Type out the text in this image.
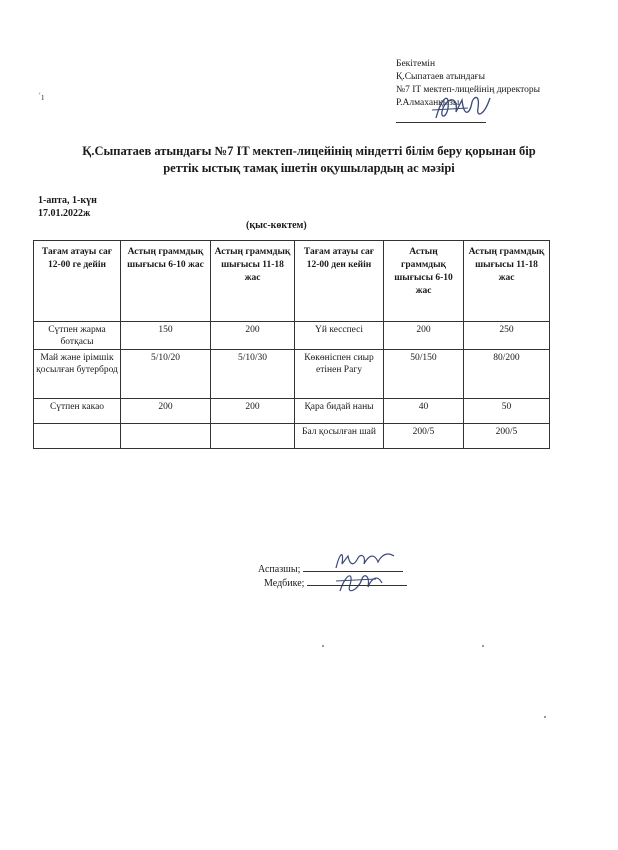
Бекітемін
Қ.Сыпатаев атындағы
№7 IT мектеп-лицейінің директоры
Р.Алмаханқызы
ʿı
Қ.Сыпатаев атындағы №7 IT мектеп-лицейінің міндетті білім беру қорынан бір
реттік ыстық тамақ ішетін оқушылардың ас мәзірі
1-апта, 1-күн
17.01.2022ж
(қыс-көктем)
Тағам атауы сағ 12-00 ге дейін	Астың граммдық шығысы 6-10 жас	Астың граммдық шығысы 11-18 жас	Тағам атауы сағ 12-00 ден кейін	Астың граммдық шығысы 6-10 жас	Астың граммдық шығысы 11-18 жас
Сүтпен жарма ботқасы	150	200	Үй кесспесі	200	250
Май және ірімшік қосылған бутерброд	5/10/20	5/10/30	Көкөніспен сиыр етінен Рагу	50/150	80/200
Сүтпен какао	200	200	Қара бидай наны	40	50
			Бал қосылған шай	200/5	200/5
Аспазшы;
Медбике;
